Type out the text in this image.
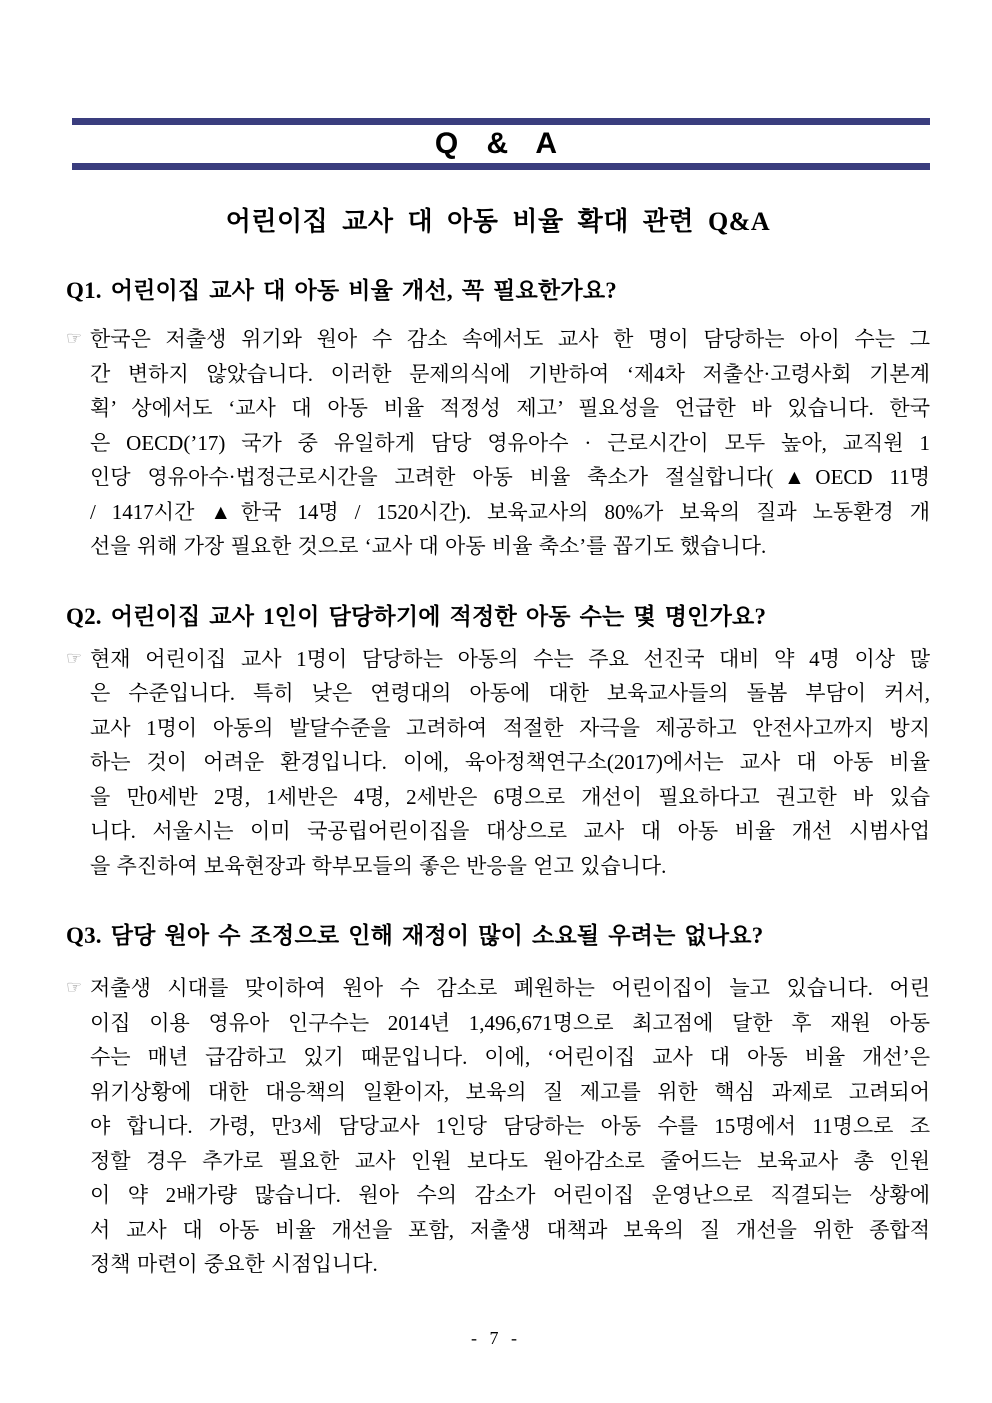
Q & A
어린이집 교사 대 아동 비율 확대 관련 Q&A
Q1. 어린이집 교사 대 아동 비율 개선, 꼭 필요한가요?
☞ 한국은 저출생 위기와 원아 수 감소 속에서도 교사 한 명이 담당하는 아이 수는 그
간 변하지 않았습니다. 이러한 문제의식에 기반하여 ‘제4차 저출산·고령사회 기본계
획’ 상에서도 ‘교사 대 아동 비율 적정성 제고’ 필요성을 언급한 바 있습니다. 한국
은 OECD(’17) 국가 중 유일하게 담당 영유아수 · 근로시간이 모두 높아, 교직원 1
인당 영유아수·법정근로시간을 고려한 아동 비율 축소가 절실합니다(▲OECD 11명
/ 1417시간 ▲한국 14명 / 1520시간). 보육교사의 80%가 보육의 질과 노동환경 개
선을 위해 가장 필요한 것으로 ‘교사 대 아동 비율 축소’를 꼽기도 했습니다.
Q2. 어린이집 교사 1인이 담당하기에 적정한 아동 수는 몇 명인가요?
☞ 현재 어린이집 교사 1명이 담당하는 아동의 수는 주요 선진국 대비 약 4명 이상 많
은 수준입니다. 특히 낮은 연령대의 아동에 대한 보육교사들의 돌봄 부담이 커서,
교사 1명이 아동의 발달수준을 고려하여 적절한 자극을 제공하고 안전사고까지 방지
하는 것이 어려운 환경입니다. 이에, 육아정책연구소(2017)에서는 교사 대 아동 비율
을 만0세반 2명, 1세반은 4명, 2세반은 6명으로 개선이 필요하다고 권고한 바 있습
니다. 서울시는 이미 국공립어린이집을 대상으로 교사 대 아동 비율 개선 시범사업
을 추진하여 보육현장과 학부모들의 좋은 반응을 얻고 있습니다.
Q3. 담당 원아 수 조정으로 인해 재정이 많이 소요될 우려는 없나요?
☞ 저출생 시대를 맞이하여 원아 수 감소로 폐원하는 어린이집이 늘고 있습니다. 어린
이집 이용 영유아 인구수는 2014년 1,496,671명으로 최고점에 달한 후 재원 아동
수는 매년 급감하고 있기 때문입니다. 이에, ‘어린이집 교사 대 아동 비율 개선’은
위기상황에 대한 대응책의 일환이자, 보육의 질 제고를 위한 핵심 과제로 고려되어
야 합니다. 가령, 만3세 담당교사 1인당 담당하는 아동 수를 15명에서 11명으로 조
정할 경우 추가로 필요한 교사 인원 보다도 원아감소로 줄어드는 보육교사 총 인원
이 약 2배가량 많습니다. 원아 수의 감소가 어린이집 운영난으로 직결되는 상황에
서 교사 대 아동 비율 개선을 포함, 저출생 대책과 보육의 질 개선을 위한 종합적
정책 마련이 중요한 시점입니다.
- 7 -
